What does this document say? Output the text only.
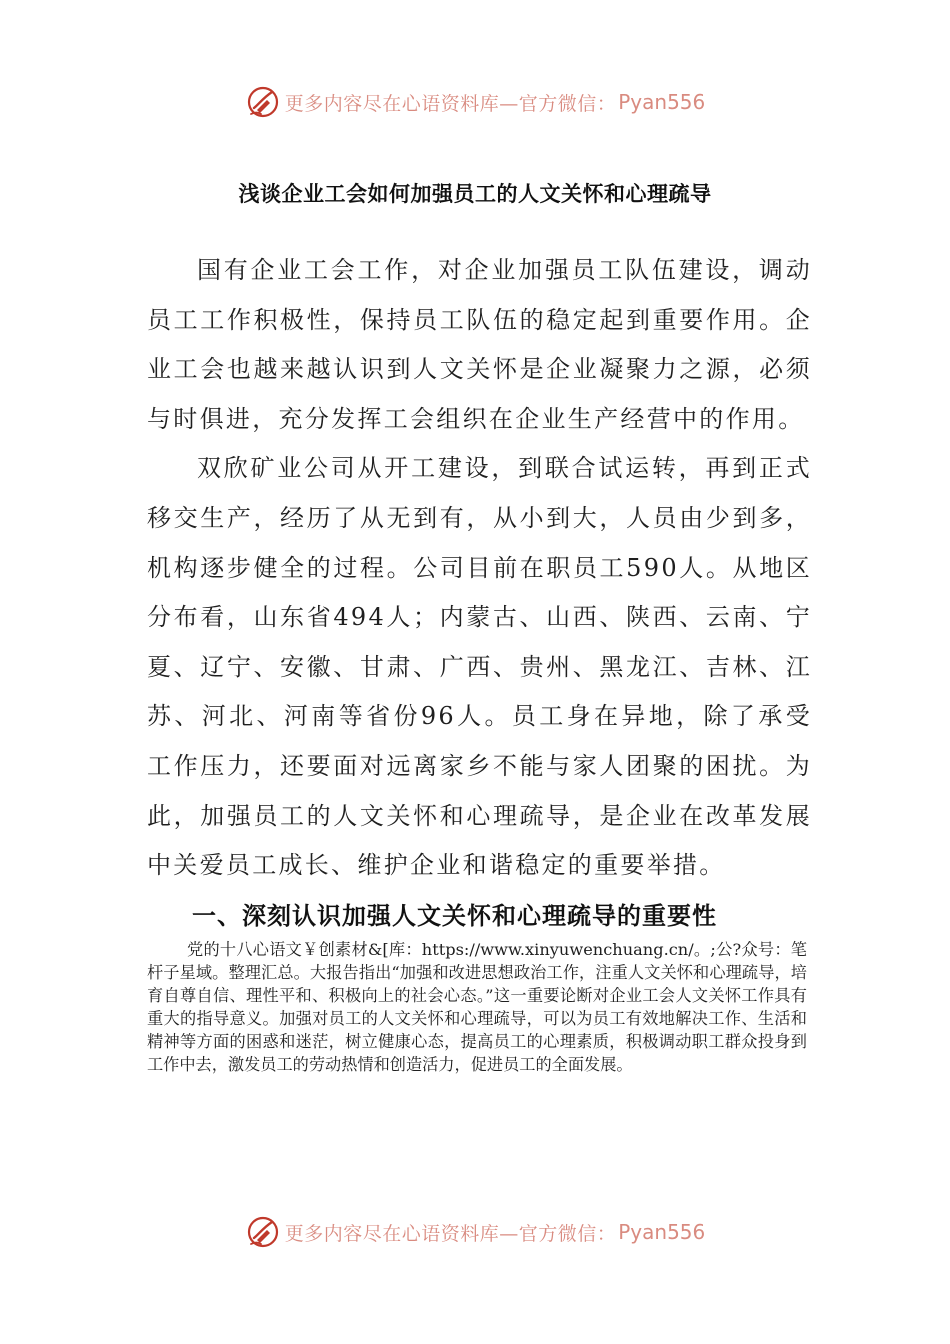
更多内容尽在心语资料库—官方微信： Pyan556
浅谈企业工会如何加强员工的人文关怀和心理疏导

国有企业工会工作，对企业加强员工队伍建设，调动员工工作积极性，保持员工队伍的稳定起到重要作用。企业工会也越来越认识到人文关怀是企业凝聚力之源，必须与时俱进，充分发挥工会组织在企业生产经营中的作用。

双欣矿业公司从开工建设，到联合试运转，再到正式移交生产，经历了从无到有，从小到大，人员由少到多，机构逐步健全的过程。公司目前在职员工590人。从地区分布看，山东省494人；内蒙古、山西、陕西、云南、宁夏、辽宁、安徽、甘肃、广西、贵州、黑龙江、吉林、江苏、河北、河南等省份96人。员工身在异地，除了承受工作压力，还要面对远离家乡不能与家人团聚的困扰。为此，加强员工的人文关怀和心理疏导，是企业在改革发展中关爱员工成长、维护企业和谐稳定的重要举措。

一、深刻认识加强人文关怀和心理疏导的重要性

党的十八心语文￥创素材&[库：https://www.xinyuwenchuang.cn/。;公?众号：笔杆子星域。整理汇总。大报告指出“加强和改进思想政治工作，注重人文关怀和心理疏导，培育自尊自信、理性平和、积极向上的社会心态。”这一重要论断对企业工会人文关怀工作具有重大的指导意义。加强对员工的人文关怀和心理疏导，可以为员工有效地解决工作、生活和精神等方面的困惑和迷茫，树立健康心态，提高员工的心理素质，积极调动职工群众投身到工作中去，激发员工的劳动热情和创造活力，促进员工的全面发展。

更多内容尽在心语资料库—官方微信： Pyan556
